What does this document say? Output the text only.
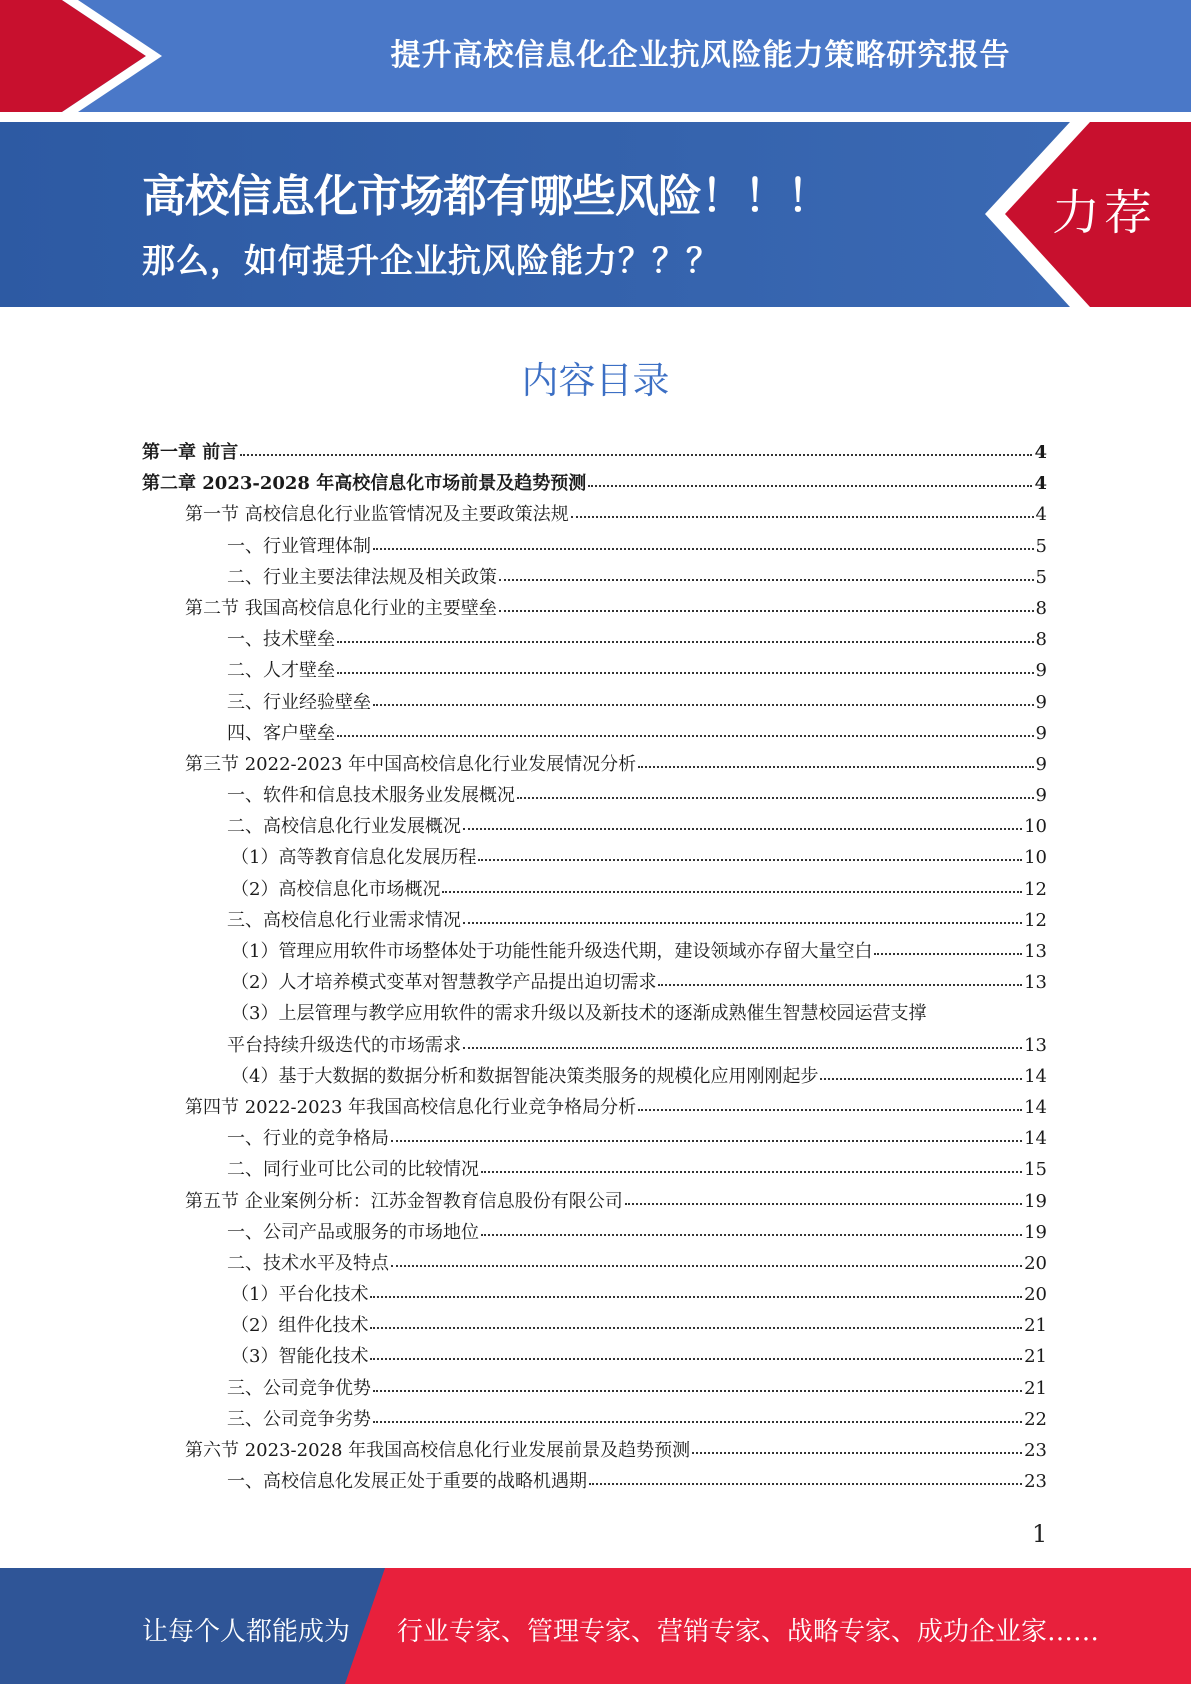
提升高校信息化企业抗风险能力策略研究报告
高校信息化市场都有哪些风险！！！
那么，如何提升企业抗风险能力？？？
力荐
内容目录
第一章 前言	4
第二章 2023-2028 年高校信息化市场前景及趋势预测	4
第一节 高校信息化行业监管情况及主要政策法规	4
一、行业管理体制	5
二、行业主要法律法规及相关政策	5
第二节 我国高校信息化行业的主要壁垒	8
一、技术壁垒	8
二、人才壁垒	9
三、行业经验壁垒	9
四、客户壁垒	9
第三节 2022-2023 年中国高校信息化行业发展情况分析	9
一、软件和信息技术服务业发展概况	9
二、高校信息化行业发展概况	10
（1）高等教育信息化发展历程	10
（2）高校信息化市场概况	12
三、高校信息化行业需求情况	12
（1）管理应用软件市场整体处于功能性能升级迭代期，建设领域亦存留大量空白	13
（2）人才培养模式变革对智慧教学产品提出迫切需求	13
（3）上层管理与教学应用软件的需求升级以及新技术的逐渐成熟催生智慧校园运营支撑
平台持续升级迭代的市场需求	13
（4）基于大数据的数据分析和数据智能决策类服务的规模化应用刚刚起步	14
第四节 2022-2023 年我国高校信息化行业竞争格局分析	14
一、行业的竞争格局	14
二、同行业可比公司的比较情况	15
第五节 企业案例分析：江苏金智教育信息股份有限公司	19
一、公司产品或服务的市场地位	19
二、技术水平及特点	20
（1）平台化技术	20
（2）组件化技术	21
（3）智能化技术	21
三、公司竞争优势	21
三、公司竞争劣势	22
第六节 2023-2028 年我国高校信息化行业发展前景及趋势预测	23
一、高校信息化发展正处于重要的战略机遇期	23
1
让每个人都能成为 行业专家、管理专家、营销专家、战略专家、成功企业家……
